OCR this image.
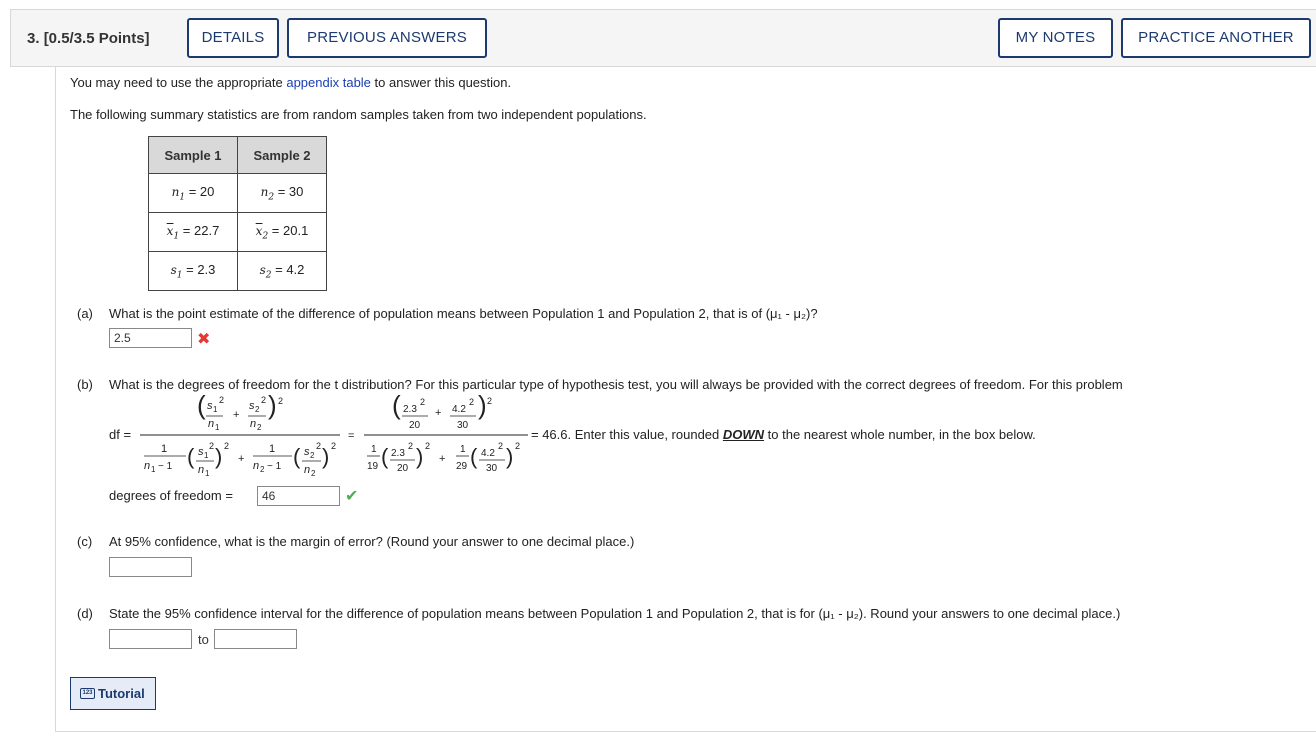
3. [0.5/3.5 Points]	DETAILS	PREVIOUS ANSWERS	MY NOTES	PRACTICE ANOTHER
You may need to use the appropriate appendix table to answer this question.
The following summary statistics are from random samples taken from two independent populations.
Sample 1	Sample 2
$n_1 = 20$	$n_2 = 30$
$\overline{x}_1 = 22.7$	$\overline{x}_2 = 20.1$
$s_1 = 2.3$	$s_2 = 4.2$
(a) What is the point estimate of the difference of population means between Population 1 and Population 2, that is of (μ₁ - μ₂)?
2.5
✖
(b) What is the degrees of freedom for the t distribution? For this particular type of hypothesis test, you will always be provided with the correct degrees of freedom. For this problem
df =
( s 1
2
n 1
+
s 2
2
n 2
) 2
1
n 1 − 1 ( s 1
2
n 1
) 2
+
1
n 2 − 1 ( s 2
2
n 2
) 2
=
( 2.3
2
20
+ 4.2
2
30
) 2
1
19 ( 2.3
2
20 ) 2
+
1
29 ( 4.2
2
30 ) 2
= 46.6. Enter this value, rounded DOWN to the nearest whole number, in the box below.
degrees of freedom =
46	✔
(c) At 95% confidence, what is the margin of error? (Round your answer to one decimal place.)
(d) State the 95% confidence interval for the difference of population means between Population 1 and Population 2, that is for (μ₁ - μ₂). Round your answers to one decimal place.)
to
123 Tutorial
